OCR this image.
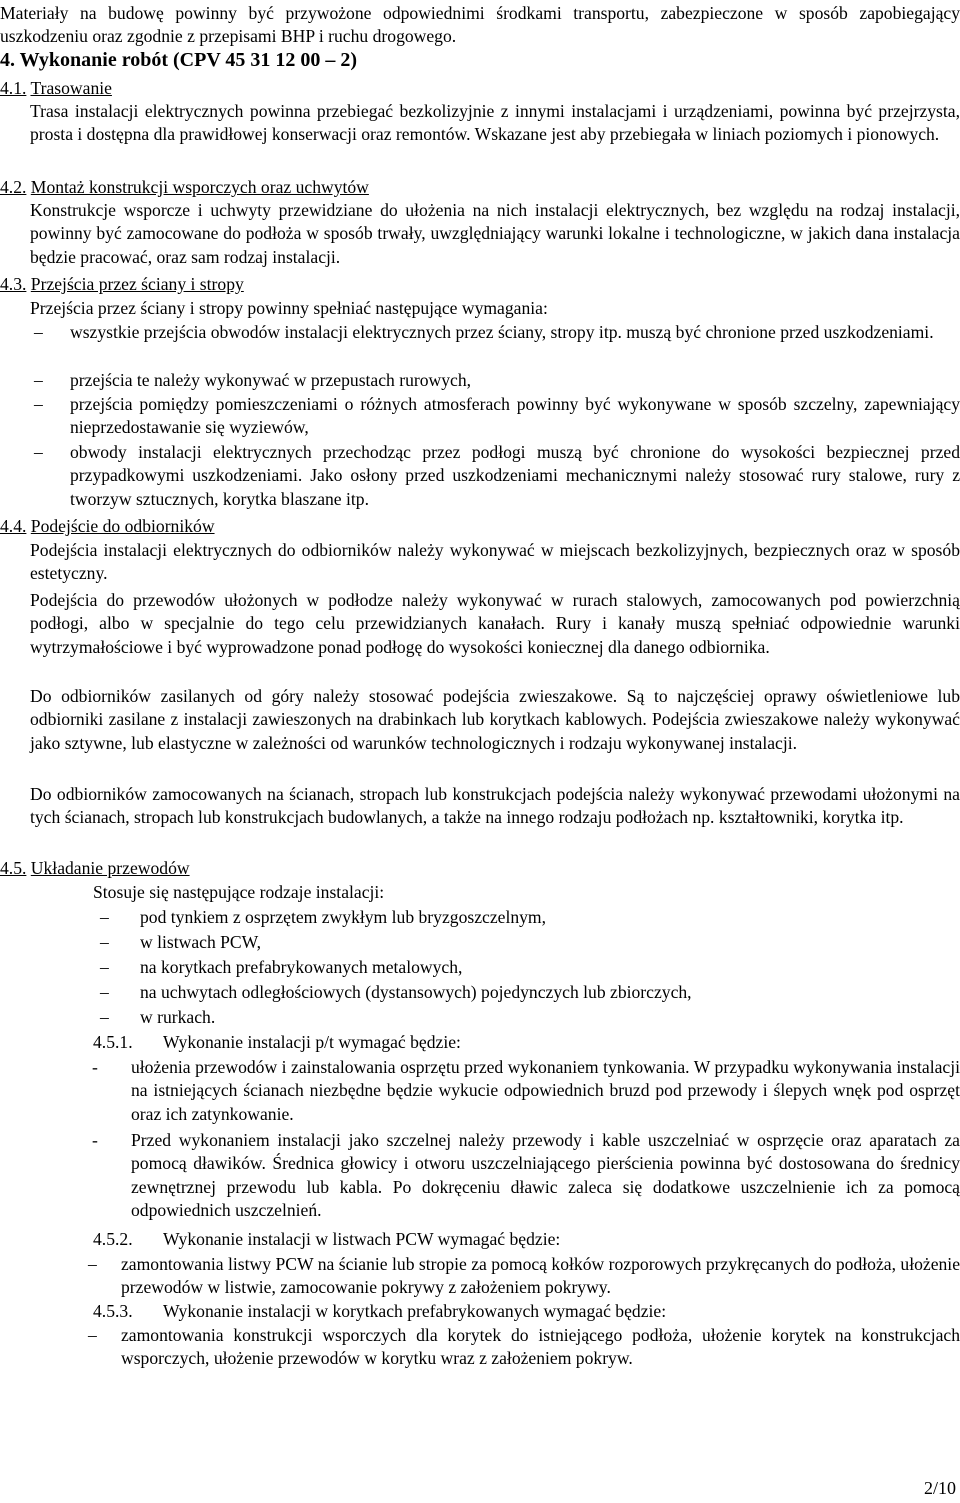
Materiały na budowę powinny być przywożone odpowiednimi środkami transportu, zabezpieczone w sposób zapobiegający uszkodzeniu oraz zgodnie z przepisami BHP i ruchu drogowego.

4. Wykonanie robót (CPV 45 31 12 00 – 2)

4.1. Trasowanie

Trasa instalacji elektrycznych powinna przebiegać bezkolizyjnie z innymi instalacjami i urządzeniami, powinna być przejrzysta, prosta i dostępna dla prawidłowej konserwacji oraz remontów. Wskazane jest aby przebiegała w liniach poziomych i pionowych.

4.2. Montaż konstrukcji wsporczych oraz uchwytów

Konstrukcje wsporcze i uchwyty przewidziane do ułożenia na nich instalacji elektrycznych, bez względu na rodzaj instalacji, powinny być zamocowane do podłoża w sposób trwały, uwzględniający warunki lokalne i technologiczne, w jakich dana instalacja będzie pracować, oraz sam rodzaj instalacji.

4.3. Przejścia przez ściany i stropy

Przejścia przez ściany i stropy powinny spełniać następujące wymagania:

– wszystkie przejścia obwodów instalacji elektrycznych przez ściany, stropy itp. muszą być chronione przed uszkodzeniami.
– przejścia te należy wykonywać w przepustach rurowych,
– przejścia pomiędzy pomieszczeniami o różnych atmosferach powinny być wykonywane w sposób szczelny, zapewniający nieprzedostawanie się wyziewów,
– obwody instalacji elektrycznych przechodząc przez podłogi muszą być chronione do wysokości bezpiecznej przed przypadkowymi uszkodzeniami. Jako osłony przed uszkodzeniami mechanicznymi należy stosować rury stalowe, rury z tworzyw sztucznych, korytka blaszane itp.

4.4. Podejście do odbiorników

Podejścia instalacji elektrycznych do odbiorników należy wykonywać w miejscach bezkolizyjnych, bezpiecznych oraz w sposób estetyczny.

Podejścia do przewodów ułożonych w podłodze należy wykonywać w rurach stalowych, zamocowanych pod powierzchnią podłogi, albo w specjalnie do tego celu przewidzianych kanałach. Rury i kanały muszą spełniać odpowiednie warunki wytrzymałościowe i być wyprowadzone ponad podłogę do wysokości koniecznej dla danego odbiornika.

Do odbiorników zasilanych od góry należy stosować podejścia zwieszakowe. Są to najczęściej oprawy oświetleniowe lub odbiorniki zasilane z instalacji zawieszonych na drabinkach lub korytkach kablowych. Podejścia zwieszakowe należy wykonywać jako sztywne, lub elastyczne w zależności od warunków technologicznych i rodzaju wykonywanej instalacji.

Do odbiorników zamocowanych na ścianach, stropach lub konstrukcjach podejścia należy wykonywać przewodami ułożonymi na tych ścianach, stropach lub konstrukcjach budowlanych, a także na innego rodzaju podłożach np. kształtowniki, korytka itp.

4.5. Układanie przewodów

Stosuje się następujące rodzaje instalacji:

– pod tynkiem z osprzętem zwykłym lub bryzgoszczelnym,
– w listwach PCW,
– na korytkach prefabrykowanych metalowych,
– na uchwytach odległościowych (dystansowych) pojedynczych lub zbiorczych,
– w rurkach.

4.5.1. Wykonanie instalacji p/t wymagać będzie:

- ułożenia przewodów i zainstalowania osprzętu przed wykonaniem tynkowania. W przypadku wykonywania instalacji na istniejących ścianach niezbędne będzie wykucie odpowiednich bruzd pod przewody i ślepych wnęk pod osprzęt oraz ich zatynkowanie.
- Przed wykonaniem instalacji jako szczelnej należy przewody i kable uszczelniać w osprzęcie oraz aparatach za pomocą dławików. Średnica głowicy i otworu uszczelniającego pierścienia powinna być dostosowana do średnicy zewnętrznej przewodu lub kabla. Po dokręceniu dławic zaleca się dodatkowe uszczelnienie ich za pomocą odpowiednich uszczelnień.

4.5.2. Wykonanie instalacji w listwach PCW wymagać będzie:

– zamontowania listwy PCW na ścianie lub stropie za pomocą kołków rozporowych przykręcanych do podłoża, ułożenie przewodów w listwie, zamocowanie pokrywy z założeniem pokrywy.

4.5.3. Wykonanie instalacji w korytkach prefabrykowanych wymagać będzie:

– zamontowania konstrukcji wsporczych dla korytek do istniejącego podłoża, ułożenie korytek na konstrukcjach wsporczych, ułożenie przewodów w korytku wraz z założeniem pokryw.
2/10
